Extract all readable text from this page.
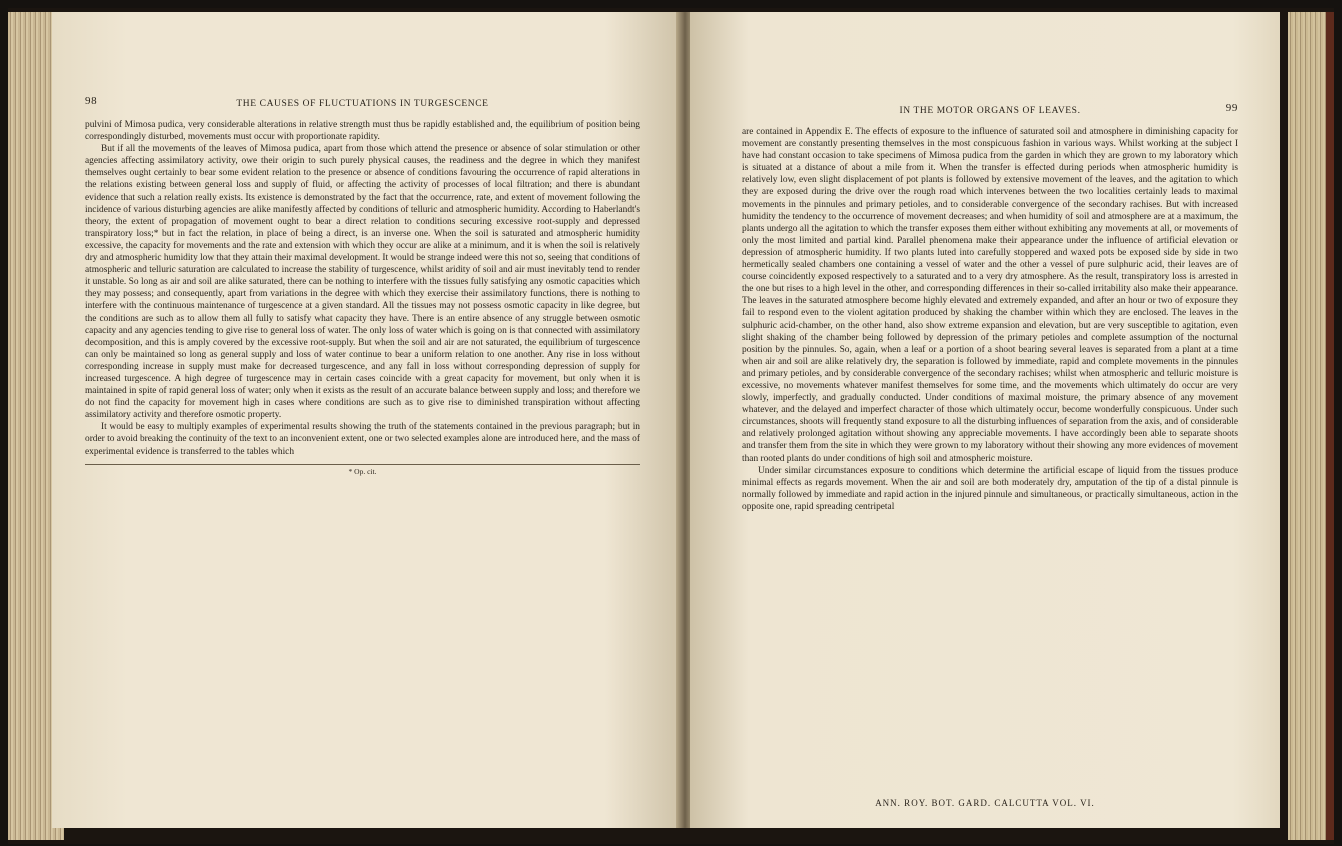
98	THE CAUSES OF FLUCTUATIONS IN TURGESCENCE

pulvini of Mimosa pudica, very considerable alterations in relative strength must thus be rapidly established and, the equilibrium of position being correspondingly disturbed, movements must occur with proportionate rapidity.

But if all the movements of the leaves of Mimosa pudica, apart from those which attend the presence or absence of solar stimulation or other agencies affecting assimilatory activity, owe their origin to such purely physical causes, the readiness and the degree in which they manifest themselves ought certainly to bear some evident relation to the presence or absence of conditions favouring the occurrence of rapid alterations in the relations existing between general loss and supply of fluid, or affecting the activity of processes of local filtration; and there is abundant evidence that such a relation really exists. Its existence is demonstrated by the fact that the occurrence, rate, and extent of movement following the incidence of various disturbing agencies are alike manifestly affected by conditions of telluric and atmospheric humidity. According to Haberlandt's theory, the extent of propagation of movement ought to bear a direct relation to conditions securing excessive root-supply and depressed transpiratory loss;* but in fact the relation, in place of being a direct, is an inverse one. When the soil is saturated and atmospheric humidity excessive, the capacity for movements and the rate and extension with which they occur are alike at a minimum, and it is when the soil is relatively dry and atmospheric humidity low that they attain their maximal development. It would be strange indeed were this not so, seeing that conditions of atmospheric and telluric saturation are calculated to increase the stability of turgescence, whilst aridity of soil and air must inevitably tend to render it unstable. So long as air and soil are alike saturated, there can be nothing to interfere with the tissues fully satisfying any osmotic capacities which they may possess; and consequently, apart from variations in the degree with which they exercise their assimilatory functions, there is nothing to interfere with the continuous maintenance of turgescence at a given standard. All the tissues may not possess osmotic capacity in like degree, but the conditions are such as to allow them all fully to satisfy what capacity they have. There is an entire absence of any struggle between osmotic capacity and any agencies tending to give rise to general loss of water. The only loss of water which is going on is that connected with assimilatory decomposition, and this is amply covered by the excessive root-supply. But when the soil and air are not saturated, the equilibrium of turgescence can only be maintained so long as general supply and loss of water continue to bear a uniform relation to one another. Any rise in loss without corresponding increase in supply must make for decreased turgescence, and any fall in loss without corresponding depression of supply for increased turgescence. A high degree of turgescence may in certain cases coincide with a great capacity for movement, but only when it is maintained in spite of rapid general loss of water; only when it exists as the result of an accurate balance between supply and loss; and therefore we do not find the capacity for movement high in cases where conditions are such as to give rise to diminished transpiration without affecting assimilatory activity and therefore osmotic property.

It would be easy to multiply examples of experimental results showing the truth of the statements contained in the previous paragraph; but in order to avoid breaking the continuity of the text to an inconvenient extent, one or two selected examples alone are introduced here, and the mass of experimental evidence is transferred to the tables which

* Op. cit.
IN THE MOTOR ORGANS OF LEAVES.	99

are contained in Appendix E. The effects of exposure to the influence of saturated soil and atmosphere in diminishing capacity for movement are constantly presenting themselves in the most conspicuous fashion in various ways. Whilst working at the subject I have had constant occasion to take specimens of Mimosa pudica from the garden in which they are grown to my laboratory which is situated at a distance of about a mile from it. When the transfer is effected during periods when atmospheric humidity is relatively low, even slight displacement of pot plants is followed by extensive movement of the leaves, and the agitation to which they are exposed during the drive over the rough road which intervenes between the two localities certainly leads to maximal movements in the pinnules and primary petioles, and to considerable convergence of the secondary rachises. But with increased humidity the tendency to the occurrence of movement decreases; and when humidity of soil and atmosphere are at a maximum, the plants undergo all the agitation to which the transfer exposes them either without exhibiting any movements at all, or movements of only the most limited and partial kind. Parallel phenomena make their appearance under the influence of artificial elevation or depression of atmospheric humidity. If two plants luted into carefully stoppered and waxed pots be exposed side by side in two hermetically sealed chambers one containing a vessel of water and the other a vessel of pure sulphuric acid, their leaves are of course coincidently exposed respectively to a saturated and to a very dry atmosphere. As the result, transpiratory loss is arrested in the one but rises to a high level in the other, and corresponding differences in their so-called irritability also make their appearance. The leaves in the saturated atmosphere become highly elevated and extremely expanded, and after an hour or two of exposure they fail to respond even to the violent agitation produced by shaking the chamber within which they are enclosed. The leaves in the sulphuric acid-chamber, on the other hand, also show extreme expansion and elevation, but are very susceptible to agitation, even slight shaking of the chamber being followed by depression of the primary petioles and complete assumption of the nocturnal position by the pinnules. So, again, when a leaf or a portion of a shoot bearing several leaves is separated from a plant at a time when air and soil are alike relatively dry, the separation is followed by immediate, rapid and complete movements in the pinnules and primary petioles, and by considerable convergence of the secondary rachises; whilst when atmospheric and telluric moisture is excessive, no movements whatever manifest themselves for some time, and the movements which ultimately do occur are very slowly, imperfectly, and gradually conducted. Under conditions of maximal moisture, the primary absence of any movement whatever, and the delayed and imperfect character of those which ultimately occur, become wonderfully conspicuous. Under such circumstances, shoots will frequently stand exposure to all the disturbing influences of separation from the axis, and of considerable and relatively prolonged agitation without showing any appreciable movements. I have accordingly been able to separate shoots and transfer them from the site in which they were grown to my laboratory without their showing any more evidences of movement than rooted plants do under conditions of high soil and atmospheric moisture.

Under similar circumstances exposure to conditions which determine the artificial escape of liquid from the tissues produce minimal effects as regards movement. When the air and soil are both moderately dry, amputation of the tip of a distal pinnule is normally followed by immediate and rapid action in the injured pinnule and simultaneous, or practically simultaneous, action in the opposite one, rapid spreading centripetal

ANN. ROY. BOT. GARD. CALCUTTA VOL. VI.
